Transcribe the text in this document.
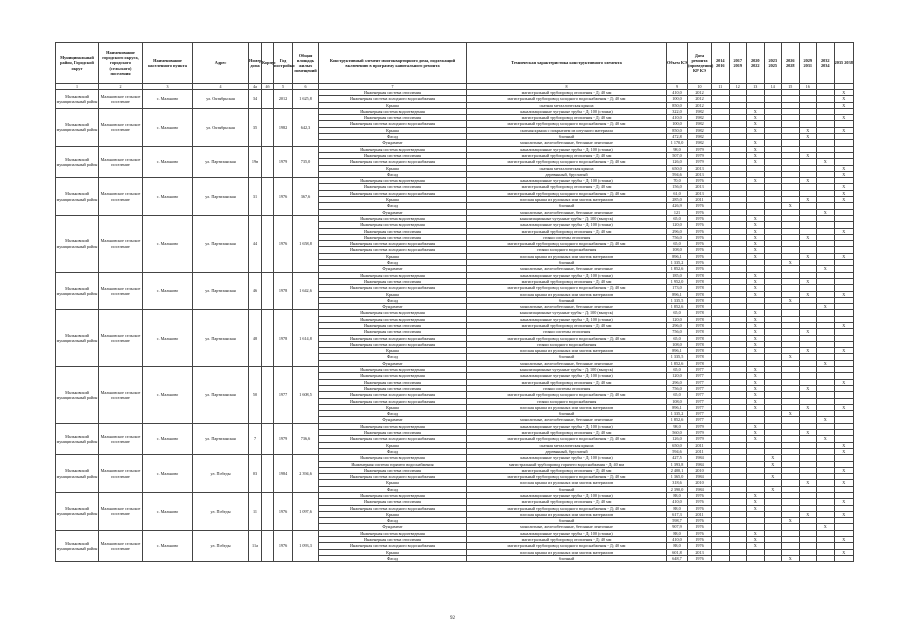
Муниципальный район, Городской округ	Наименование городского округа, городского (сельского) поселения	Наименование населенного пункта	Адрес	Номер дома	Корпус	Год постройки	Общая площадь жилых помещений	Конструктивный элемент многоквартирного дома, подлежащий включению в программу капитального ремонта	Техническая характеристика конструктивного элемента	Объем КЭ	Дата ремонта (проведения) КР КЭ	2014 2016	2017 2019	2020 2022	2023 2025	2026 2028	2029 2031	2032 2034	2035 2038
1	2	3	4	4а	4б	5	6	7	8	9	10	11	12	13	14	15	16		
Мальковский муниципальный район	Мальковское сельское поселение	с. Мальково	ул. Октябрьская	34		2012	1 625,8	Инженерная система отопления	магистральный трубопровод отопления - Д; 40 мм	410,0	2012								X
								Инженерная система холодного водоснабжения	магистральный трубопровод холодного водоснабжения - Д; 40 мм	100,0	2012								X
								Крыша	скатная металлическая крыша	850,0	2012								X
Мальковский муниципальный район	Мальковское сельское поселение	с. Мальково	ул. Октябрьская	35		1982	642,3	Инженерная система водоотведения	канализационные чугунные трубы - Д; 100 (стояки)	322,0	1982			X					
								Инженерная система отопления	магистральный трубопровод отопления - Д; 40 мм	410,0	1982			X					X
								Инженерная система холодного водоснабжения	магистральный трубопровод холодного водоснабжения - Д; 40 мм	100,0	1982			X					
								Крыша	скатная крыша с покрытием из штучного материала	850,0	1982			X			X		X
								Фасад	блочный	472,8	1982						X		
								Фундамент	монолитные, железобетонные, бетонные ленточные	1 170,0	1982			X					
Мальковский муниципальный район	Мальковское сельское поселение	с. Мальково	ул. Партизанская	19в		1979	735,0	Инженерная система водоотведения	канализационные чугунные трубы - Д; 100 (стояки)	98,0	1979			X					
								Инженерная система отопления	магистральный трубопровод отопления - Д; 40 мм	507,0	1979			X			X		
								Инженерная система холодного водоснабжения	магистральный трубопровод холодного водоснабжения - Д; 40 мм	126,0	1979			X				X	
								Крыша	скатная металлическая крыша	650,0	2013								X
								Фасад	деревянный, брусчатый	594,6	2013								X
Мальковский муниципальный район	Мальковское сельское поселение	с. Мальково	ул. Партизанская	31		1976	367,6	Инженерная система водоотведения	канализационные чугунные трубы - Д; 100 (стояки)	70,0	1976			X			X		
								Инженерная система отопления	магистральный трубопровод отопления - Д; 40 мм	156,0	2013								X
								Инженерная система холодного водоснабжения	магистральный трубопровод холодного водоснабжения - Д; 40 мм	61,0	2013								X
								Крыша	плоская крыша из рулонных или мастик материалов	285,0	2011						X		X
								Фасад	блочный	426,9	1976					X			
								Фундамент	монолитные, железобетонные, бетонные ленточные	121	1976							X	
Мальковский муниципальный район	Мальковское сельское поселение	с. Мальково	ул. Партизанская	44		1976	1 658,8	Инженерная система водоотведения	канализационные чугунные трубы - Д; 100 (выпуск)	65,0	1976			X					
								Инженерная система водоотведения	канализационные чугунные трубы - Д; 100 (стояки)	120,0	1976			X					
								Инженерная система отопления	магистральный трубопровод отопления - Д; 40 мм	296,0	1976			X					X
								Инженерная система отопления	стояки системы отопления	756,0	1976			X			X		
								Инженерная система холодного водоснабжения	магистральный трубопровод холодного водоснабжения - Д; 40 мм	65,0	1976			X					
								Инженерная система холодного водоснабжения	стояки холодного водоснабжения	108,0	1976			X					
								Крыша	плоская крыша из рулонных или мастик материалов	896,1	1976			X			X		X
								Фасад	блочный	1 335,2	1976					X			
								Фундамент	монолитные, железобетонные, бетонные ленточные	1 852,6	1976							X	
Мальковский муниципальный район	Мальковское сельское поселение	с. Мальково	ул. Партизанская	46		1978	1 642,6	Инженерная система водоотведения	канализационные чугунные трубы - Д; 100 (стояки)	185,0	1978			X					
								Инженерная система отопления	магистральный трубопровод отопления - Д; 40 мм	1 952,0	1978			X			X		
								Инженерная система холодного водоснабжения	магистральный трубопровод холодного водоснабжения - Д; 40 мм	173,0	1978			X					
								Крыша	плоская крыша из рулонных или мастик материалов	896,1	1978			X			X		X
								Фасад	блочный	1 335,5	1978					X			
								Фундамент	монолитные, железобетонные, бетонные ленточные	1 852,6	1978							X	
Мальковский муниципальный район	Мальковское сельское поселение	с. Мальково	ул. Партизанская	48		1978	1 614,8	Инженерная система водоотведения	канализационные чугунные трубы - Д; 100 (выпуск)	65,0	1978			X					
								Инженерная система водоотведения	канализационные чугунные трубы - Д; 100 (стояки)	120,0	1978			X					
								Инженерная система отопления	магистральный трубопровод отопления - Д; 40 мм	296,0	1978			X					X
								Инженерная система отопления	стояки системы отопления	756,0	1978			X			X		
								Инженерная система холодного водоснабжения	магистральный трубопровод холодного водоснабжения - Д; 40 мм	65,0	1978			X					
								Инженерная система холодного водоснабжения	стояки холодного водоснабжения	108,0	1978			X					
								Крыша	плоская крыша из рулонных или мастик материалов	896,1	1978			X			X		X
								Фасад	блочный	1 335,5	1978					X			
								Фундамент	монолитные, железобетонные, бетонные ленточные	1 852,6	1978							X	
Мальковский муниципальный район	Мальковское сельское поселение	с. Мальково	ул. Партизанская	50		1977	1 608,5	Инженерная система водоотведения	канализационные чугунные трубы - Д; 100 (выпуск)	65,0	1977			X					
								Инженерная система водоотведения	канализационные чугунные трубы - Д; 100 (стояки)	120,0	1977			X					
								Инженерная система отопления	магистральный трубопровод отопления - Д; 40 мм	296,0	1977			X					X
								Инженерная система отопления	стояки системы отопления	756,0	1977			X			X		
								Инженерная система холодного водоснабжения	магистральный трубопровод холодного водоснабжения - Д; 40 мм	65,0	1977			X					
								Инженерная система холодного водоснабжения	стояки холодного водоснабжения	108,0	1977			X					
								Крыша	плоская крыша из рулонных или мастик материалов	896,1	1977			X			X		X
								Фасад	блочный	1 335,2	1977					X			
								Фундамент	монолитные, железобетонные, бетонные ленточные	1 852,6	1977							X	
Мальковский муниципальный район	Мальковское сельское поселение	с. Мальково	ул. Партизанская	7		1979	736,6	Инженерная система водоотведения	канализационные чугунные трубы - Д; 100 (стояки)	98,0	1979			X					
								Инженерная система отопления	магистральный трубопровод отопления - Д; 40 мм	560,0	1979			X			X		
								Инженерная система холодного водоснабжения	магистральный трубопровод холодного водоснабжения - Д; 40 мм	126,0	1979			X				X	
								Крыша	скатная металлическая крыша	650,0	2011								X
								Фасад	деревянный, брусчатый	594,6	2011								X
Мальковский муниципальный район	Мальковское сельское поселение	с. Мальково	ул. Победы	03		1984	2 394,6	Инженерная система водоотведения	канализационные чугунные трубы - Д; 100 (стояки)	427,5	1984				X				
								Инженерная система горячего водоснабжения	магистральный трубопровод горячего водоснабжения - Д; 40 мм	1 393,8	1984				X				
								Инженерная система отопления	магистральный трубопровод отопления - Д; 40 мм	2 400,1	2010								X
								Инженерная система холодного водоснабжения	магистральный трубопровод холодного водоснабжения - Д; 40 мм	1 365,0	1984				X				
								Крыша	плоская крыша из рулонных или мастик материалов	318,6	2010						X		X
								Фасад	блочный	2 390,0	1984				X				
Мальковский муниципальный район	Мальковское сельское поселение	с. Мальково	ул. Победы	11		1976	1 097,6	Инженерная система водоотведения	канализационные чугунные трубы - Д; 100 (стояки)	88,0	1976			X					
								Инженерная система отопления	магистральный трубопровод отопления - Д; 40 мм	410,0	1976			X					X
								Инженерная система холодного водоснабжения	магистральный трубопровод холодного водоснабжения - Д; 40 мм	88,0	1976			X					
								Крыша	плоская крыша из рулонных или мастик материалов	617,3	2011						X		X
								Фасад	блочный	598,7	1976					X			
								Фундамент	монолитные, железобетонные, бетонные ленточные	907,9	1976							X	
Мальковский муниципальный район	Мальковское сельское поселение	с. Мальково	ул. Победы	11а		1976	1 093,3	Инженерная система водоотведения	канализационные чугунные трубы - Д; 100 (стояки)	88,0	1976			X					
								Инженерная система отопления	магистральный трубопровод отопления - Д; 40 мм	410,0	1976			X					X
								Инженерная система холодного водоснабжения	магистральный трубопровод холодного водоснабжения - Д; 40 мм	88,0	1976			X					
								Крыша	плоская крыша из рулонных или мастик материалов	601,8	2013								X
								Фасад	блочный	648,7	1976					X			
92
